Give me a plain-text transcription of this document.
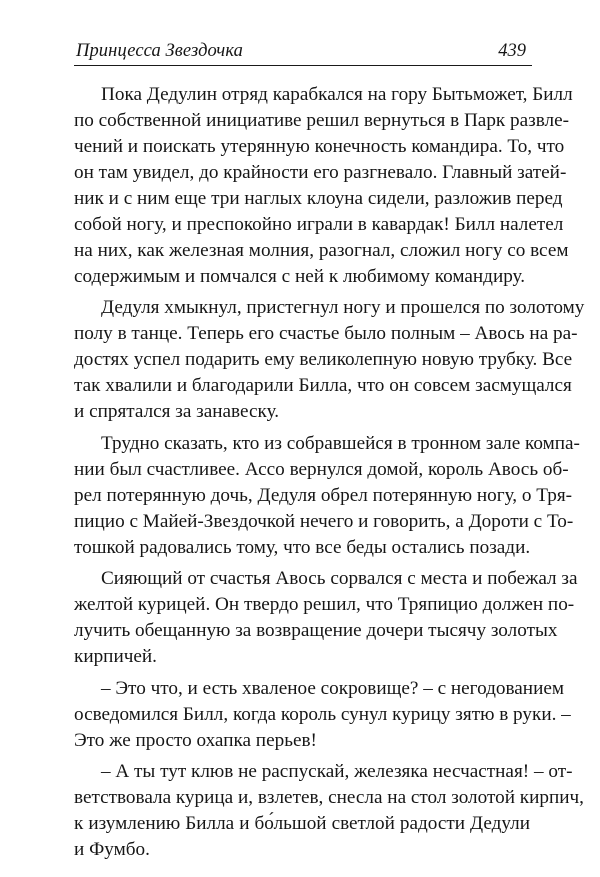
Принцесса Звездочка	439

Пока Дедулин отряд карабкался на гору Бытьможет, Билл
по собственной инициативе решил вернуться в Парк развле-
чений и поискать утерянную конечность командира. То, что
он там увидел, до крайности его разгневало. Главный затей-
ник и с ним еще три наглых клоуна сидели, разложив перед
собой ногу, и преспокойно играли в кавардак! Билл налетел
на них, как железная молния, разогнал, сложил ногу со всем
содержимым и помчался с ней к любимому командиру.

Дедуля хмыкнул, пристегнул ногу и прошелся по золотому
полу в танце. Теперь его счастье было полным – Авось на ра-
достях успел подарить ему великолепную новую трубку. Все
так хвалили и благодарили Билла, что он совсем засмущался
и спрятался за занавеску.

Трудно сказать, кто из собравшейся в тронном зале компа-
нии был счастливее. Ассо вернулся домой, король Авось об-
рел потерянную дочь, Дедуля обрел потерянную ногу, о Тря-
пицио с Майей-Звездочкой нечего и говорить, а Дороти с То-
тошкой радовались тому, что все беды остались позади.

Сияющий от счастья Авось сорвался с места и побежал за
желтой курицей. Он твердо решил, что Тряпицио должен по-
лучить обещанную за возвращение дочери тысячу золотых
кирпичей.

– Это что, и есть хваленое сокровище? – с негодованием
осведомился Билл, когда король сунул курицу зятю в руки. –
Это же просто охапка перьев!

– А ты тут клюв не распускай, железяка несчастная! – от-
ветствовала курица и, взлетев, снесла на стол золотой кирпич,
к изумлению Билла и бо́льшой светлой радости Дедули
и Фумбо.
